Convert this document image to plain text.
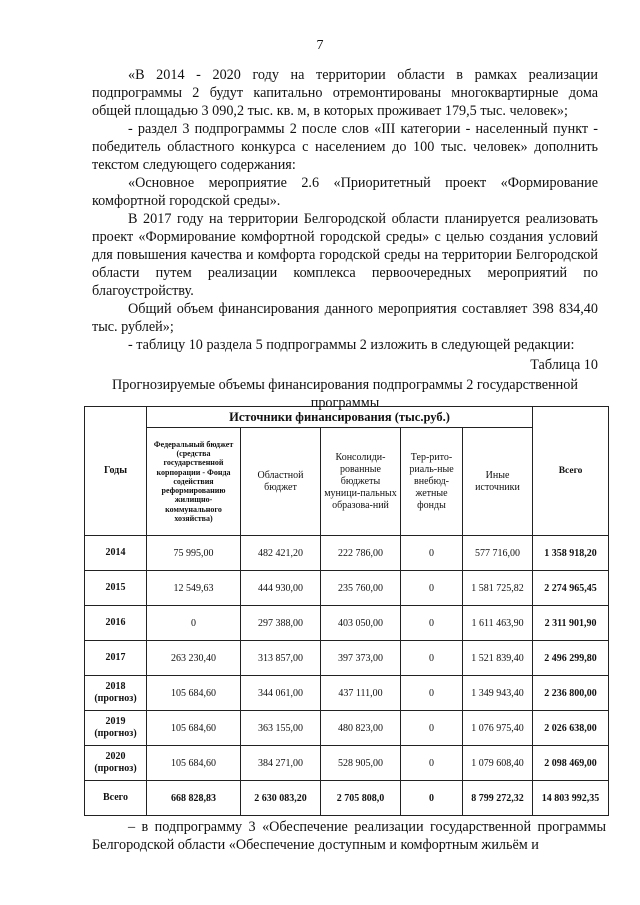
7

«В 2014 - 2020 году на территории области в рамках реализации подпрограммы 2 будут капитально отремонтированы многоквартирные дома общей площадью 3 090,2 тыс. кв. м, в которых проживает 179,5 тыс. человек»;

- раздел 3 подпрограммы 2 после слов «III категории - населенный пункт - победитель областного конкурса с населением до 100 тыс. человек» дополнить текстом следующего содержания:

«Основное мероприятие 2.6 «Приоритетный проект «Формирование комфортной городской среды».

В 2017 году на территории Белгородской области планируется реализовать проект «Формирование комфортной городской среды» с целью создания условий для повышения качества и комфорта городской среды на территории Белгородской области путем реализации комплекса первоочередных мероприятий по благоустройству.

Общий объем финансирования данного мероприятия составляет 398 834,40 тыс. рублей»;

- таблицу 10 раздела 5 подпрограммы 2 изложить в следующей редакции:

Таблица 10

Прогнозируемые объемы финансирования подпрограммы 2 государственной программы

Годы	Источники финансирования (тыс.руб.)					Всего
	Федеральный бюджет (средства государственной корпорации - Фонда содействия реформированию жилищно-коммунального хозяйства)	Областной бюджет	Консолиди-рованные бюджеты муници-пальных образова-ний	Тер-рито-риаль-ные внебюд-жетные фонды	Иные источники	
2014	75 995,00	482 421,20	222 786,00	0	577 716,00	1 358 918,20
2015	12 549,63	444 930,00	235 760,00	0	1 581 725,82	2 274 965,45
2016	0	297 388,00	403 050,00	0	1 611 463,90	2 311 901,90
2017	263 230,40	313 857,00	397 373,00	0	1 521 839,40	2 496 299,80
2018 (прогноз)	105 684,60	344 061,00	437 111,00	0	1 349 943,40	2 236 800,00
2019 (прогноз)	105 684,60	363 155,00	480 823,00	0	1 076 975,40	2 026 638,00
2020 (прогноз)	105 684,60	384 271,00	528 905,00	0	1 079 608,40	2 098 469,00
Всего	668 828,83	2 630 083,20	2 705 808,0	0	8 799 272,32	14 803 992,35

– в подпрограмму 3 «Обеспечение реализации государственной программы Белгородской области «Обеспечение доступным и комфортным жильём и
